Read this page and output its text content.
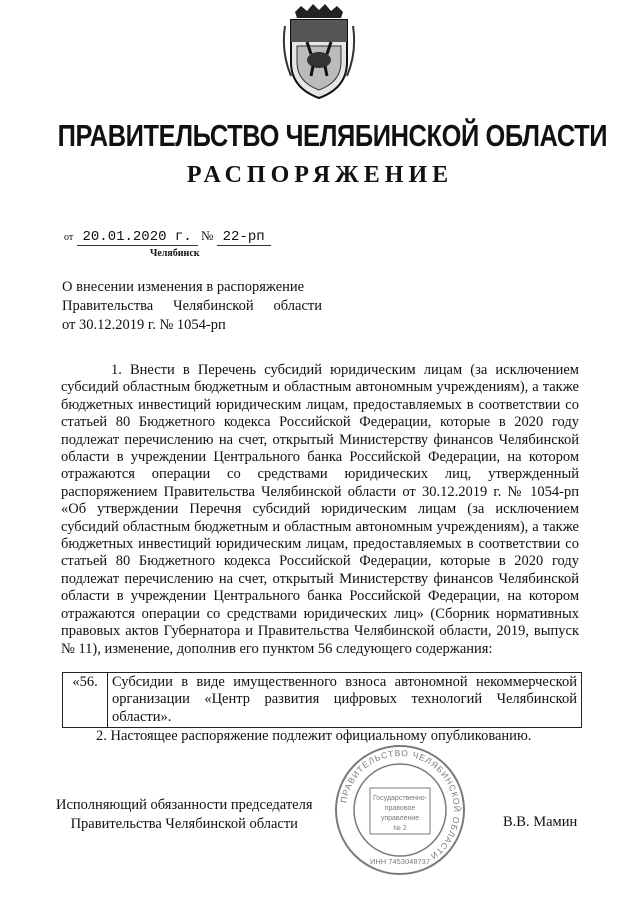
ПРАВИТЕЛЬСТВО ЧЕЛЯБИНСКОЙ ОБЛАСТИ
РАСПОРЯЖЕНИЕ
от 20.01.2020 г. № 22-рп
Челябинск
О внесении изменения в распоряжение
Правительства Челябинской области
от 30.12.2019 г. № 1054-рп
1. Внести в Перечень субсидий юридическим лицам (за исключением субсидий областным бюджетным и областным автономным учреждениям), а также бюджетных инвестиций юридическим лицам, предоставляемых в соответствии со статьей 80 Бюджетного кодекса Российской Федерации, которые в 2020 году подлежат перечислению на счет, открытый Министерству финансов Челябинской области в учреждении Центрального банка Российской Федерации, на котором отражаются операции со средствами юридических лиц, утвержденный распоряжением Правительства Челябинской области от 30.12.2019 г. № 1054-рп «Об утверждении Перечня субсидий юридическим лицам (за исключением субсидий областным бюджетным и областным автономным учреждениям), а также бюджетных инвестиций юридическим лицам, предоставляемых в соответствии со статьей 80 Бюджетного кодекса Российской Федерации, которые в 2020 году подлежат перечислению на счет, открытый Министерству финансов Челябинской области в учреждении Центрального банка Российской Федерации, на котором отражаются операции со средствами юридических лиц» (Сборник нормативных правовых актов Губернатора и Правительства Челябинской области, 2019, выпуск № 11), изменение, дополнив его пунктом 56 следующего содержания:
«56.	Субсидии в виде имущественного взноса автономной некоммерческой организации «Центр развития цифровых технологий Челябинской области».
2. Настоящее распоряжение подлежит официальному опубликованию.
Исполняющий обязанности председателя
Правительства Челябинской области	В.В. Мамин
ПРАВИТЕЛЬСТВО ЧЕЛЯБИНСКОЙ ОБЛАСТИ
Государственно-
правовое
управление
№ 2
ИНН 7453048737
